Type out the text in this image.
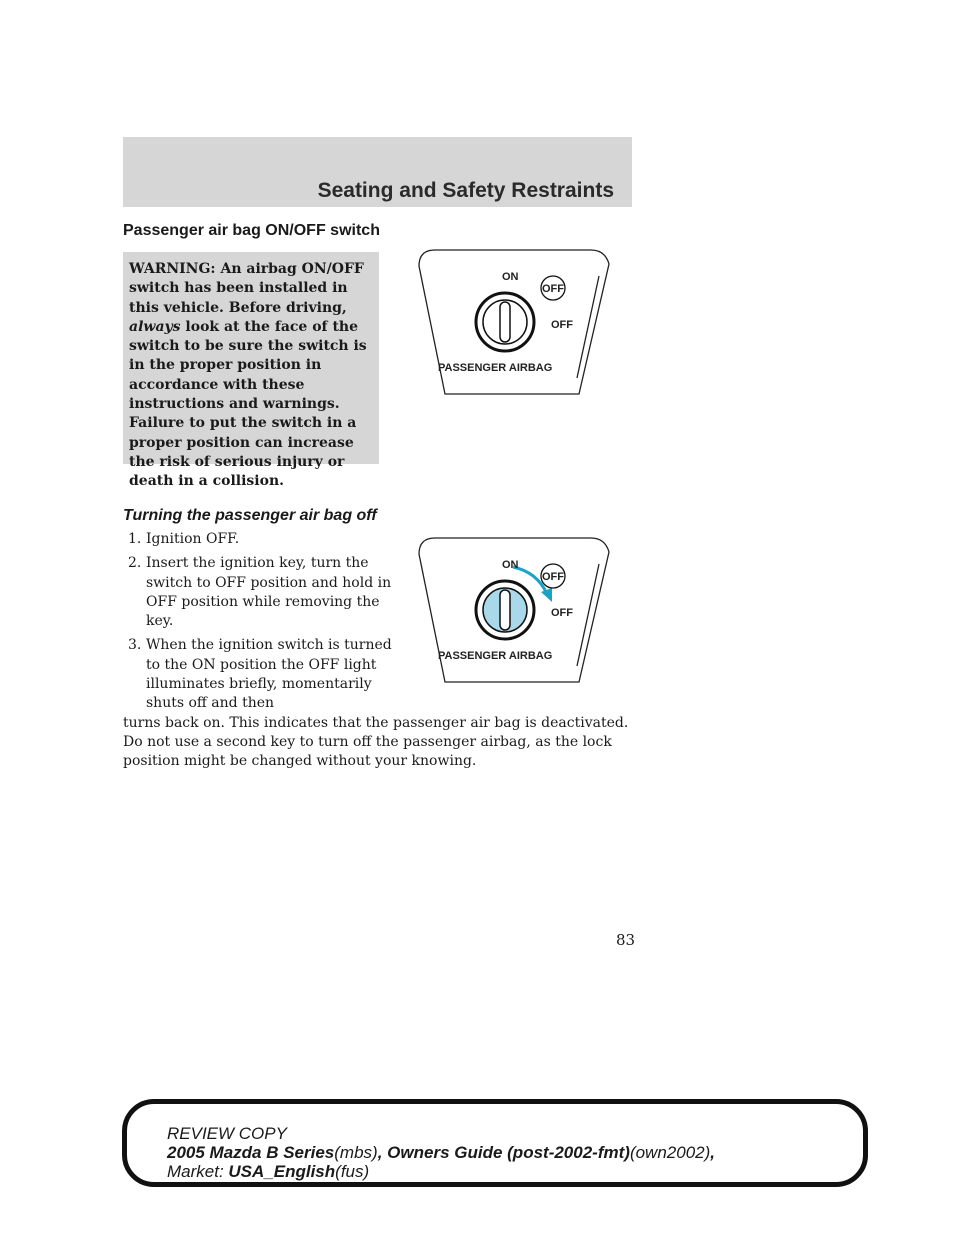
Seating and Safety Restraints
Passenger air bag ON/OFF switch
WARNING: An airbag ON/OFF switch has been installed in this vehicle. Before driving, always look at the face of the switch to be sure the switch is in the proper position in accordance with these instructions and warnings. Failure to put the switch in a proper position can increase the risk of serious injury or death in a collision.
ON
OFF
OFF
PASSENGER AIRBAG
Turning the passenger air bag off
ON
OFF
OFF
PASSENGER AIRBAG
1. Ignition OFF.
2. Insert the ignition key, turn the switch to OFF position and hold in OFF position while removing the key.
3. When the ignition switch is turned to the ON position the OFF light illuminates briefly, momentarily shuts off and then
turns back on. This indicates that the passenger air bag is deactivated. Do not use a second key to turn off the passenger airbag, as the lock position might be changed without your knowing.
83
REVIEW COPY
2005 Mazda B Series(mbs), Owners Guide (post-2002-fmt)(own2002),
Market: USA_English(fus)
